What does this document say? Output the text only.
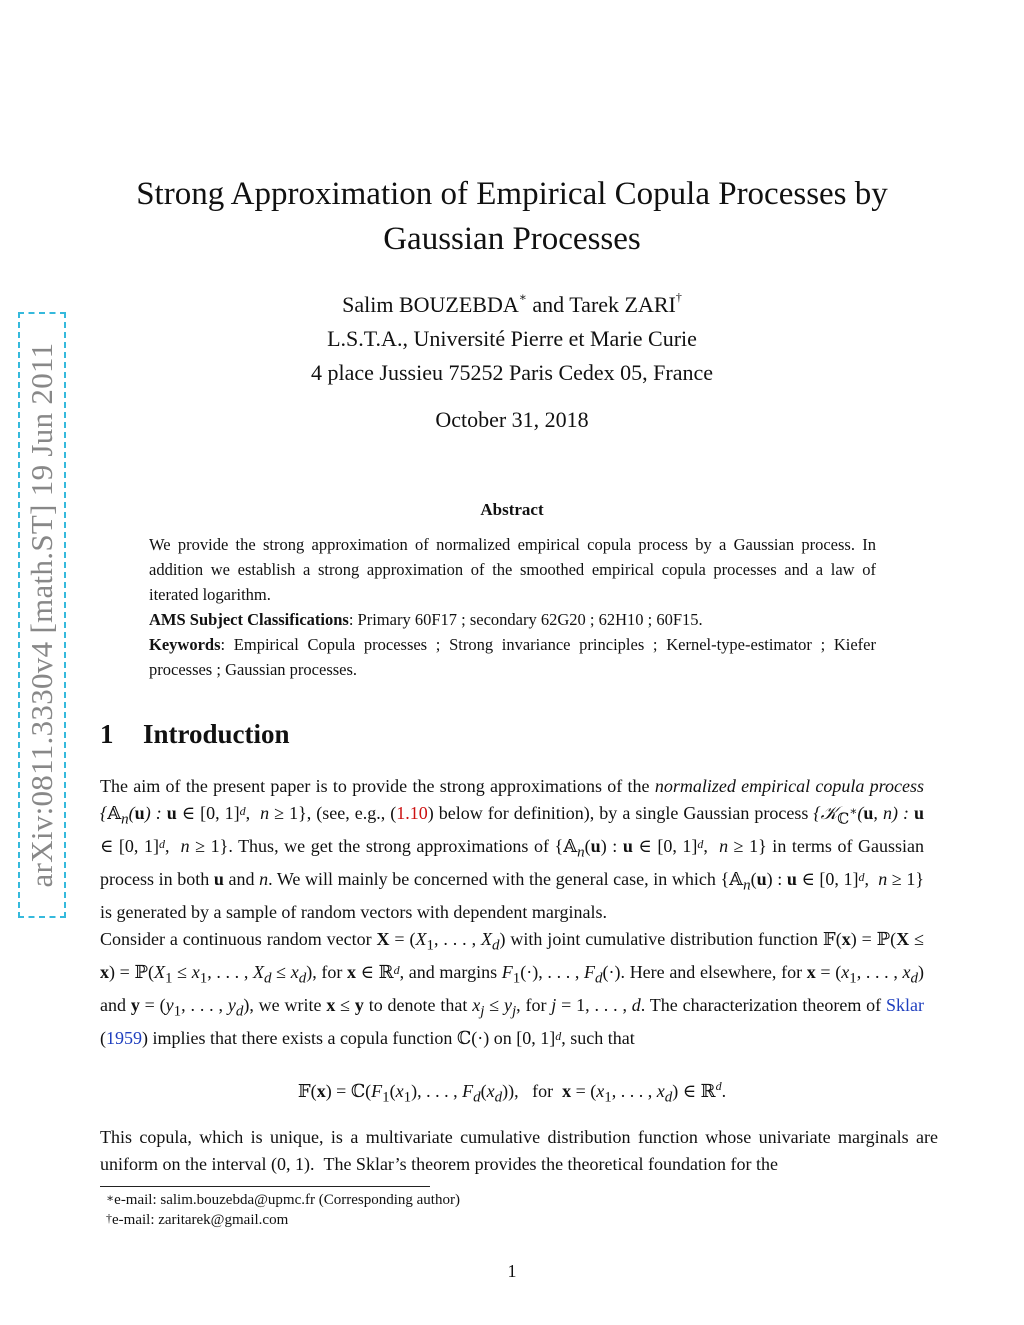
arXiv:0811.3330v4 [math.ST] 19 Jun 2011
Strong Approximation of Empirical Copula Processes by
Gaussian Processes
Salim BOUZEBDA∗ and Tarek ZARI†
L.S.T.A., Université Pierre et Marie Curie
4 place Jussieu 75252 Paris Cedex 05, France
October 31, 2018
Abstract

We provide the strong approximation of normalized empirical copula process by a Gaussian process. In addition we establish a strong approximation of the smoothed empirical copula processes and a law of iterated logarithm.

AMS Subject Classifications: Primary 60F17 ; secondary 62G20 ; 62H10 ; 60F15.

Keywords: Empirical Copula processes ; Strong invariance principles ; Kernel-type-estimator ; Kiefer processes ; Gaussian processes.

1 Introduction

The aim of the present paper is to provide the strong approximations of the normalized empirical copula process {𝔸$_n$(u) : u ∈ [0, 1]$^d$,  n ≥ 1}, (see, e.g., (1.10) below for definition), by a single Gaussian process {𝒦$_ℂ$∗(u, n) : u ∈ [0, 1]$^d$,  n ≥ 1}. Thus, we get the strong approximations of {𝔸$_n$(u) : u ∈ [0, 1]$^d$,  n ≥ 1} in terms of Gaussian process in both u and n. We will mainly be concerned with the general case, in which {𝔸$_n$(u) : u ∈ [0, 1]$^d$,  n ≥ 1} is generated by a sample of random vectors with dependent marginals.

Consider a continuous random vector $X = (X_1$, . . . , $X_d$) with joint cumulative distribution function 𝔽(x) = ℙ(X ≤ $x) = ℙ(X_1 \le x_1$, . . . , $X_d \le x_d$), for x ∈ ℝ$^d$, and margins $F_1(\cdot)$, . . . , $F_d(\cdot)$. Here and elsewhere, for $x = (x_1$, . . . , $x_d$) and $y = (y_1$, . . . , $y_d$), we write x ≤ y to denote that $x_j \le y_j$, for j = 1, . . . , d. The characterization theorem of Sklar (1959) implies that there exists a copula function ℂ(·) on [0, 1]$^d$, such that

𝔽(x) = $ℂ(F_1(x_1)$, . . . , $F_d(x_d)$),   for  $x = (x_1$, . . . , $x_d$) ∈ ℝ$^d$.

This copula, which is unique, is a multivariate cumulative distribution function whose univariate marginals are uniform on the interval (0, 1).  The Sklar’s theorem provides the theoretical foundation for the

∗e-mail: salim.bouzebda@upmc.fr (Corresponding author)
†e-mail: zaritarek@gmail.com
1
